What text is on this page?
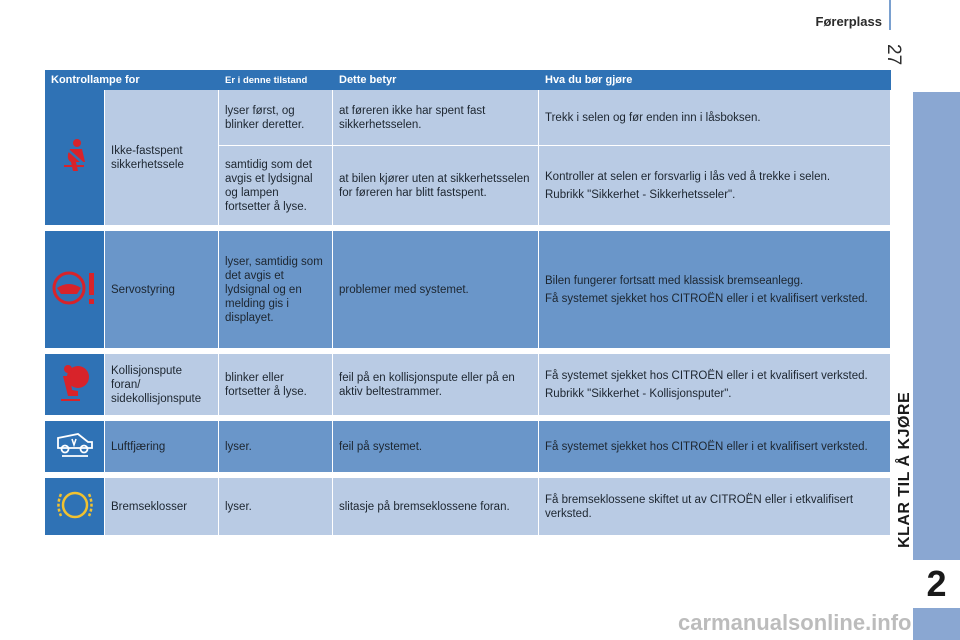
Førerplass
27
KLAR TIL Å KJØRE
2
Kontrollampe for		Er i denne tilstand	Dette betyr	Hva du bør gjøre
	Ikke-fastspent sikkerhetssele	lyser først, og blinker deretter.	at føreren ikke har spent fast sikkerhetsselen.	Trekk i selen og før enden inn i låsboksen.

		samtidig som det avgis et lydsignal og lampen fortsetter å lyse.	at bilen kjører uten at sikkerhetsselen for føreren har blitt fastspent.	Kontroller at selen er forsvarlig i lås ved å trekke i selen.

Rubrikk "Sikkerhet - Sikkerhetsseler".

	Servostyring	lyser, samtidig som det avgis et lydsignal og en melding gis i displayet.	problemer med systemet.	Bilen fungerer fortsatt med klassisk bremseanlegg.

Få systemet sjekket hos CITROËN eller i et kvalifisert verksted.

	Kollisjonspute foran/ sidekollisjonspute	blinker eller fortsetter å lyse.	feil på en kollisjonspute eller på en aktiv beltestrammer.	Få systemet sjekket hos CITROËN eller i et kvalifisert verksted.

Rubrikk "Sikkerhet - Kollisjonsputer".

	Luftfjæring	lyser.	feil på systemet.	Få systemet sjekket hos CITROËN eller i et kvalifisert verksted.

	Bremseklosser	lyser.	slitasje på bremseklossene foran.	Få bremseklossene skiftet ut av CITROËN eller i etkvalifisert verksted.

carmanualsonline.info
